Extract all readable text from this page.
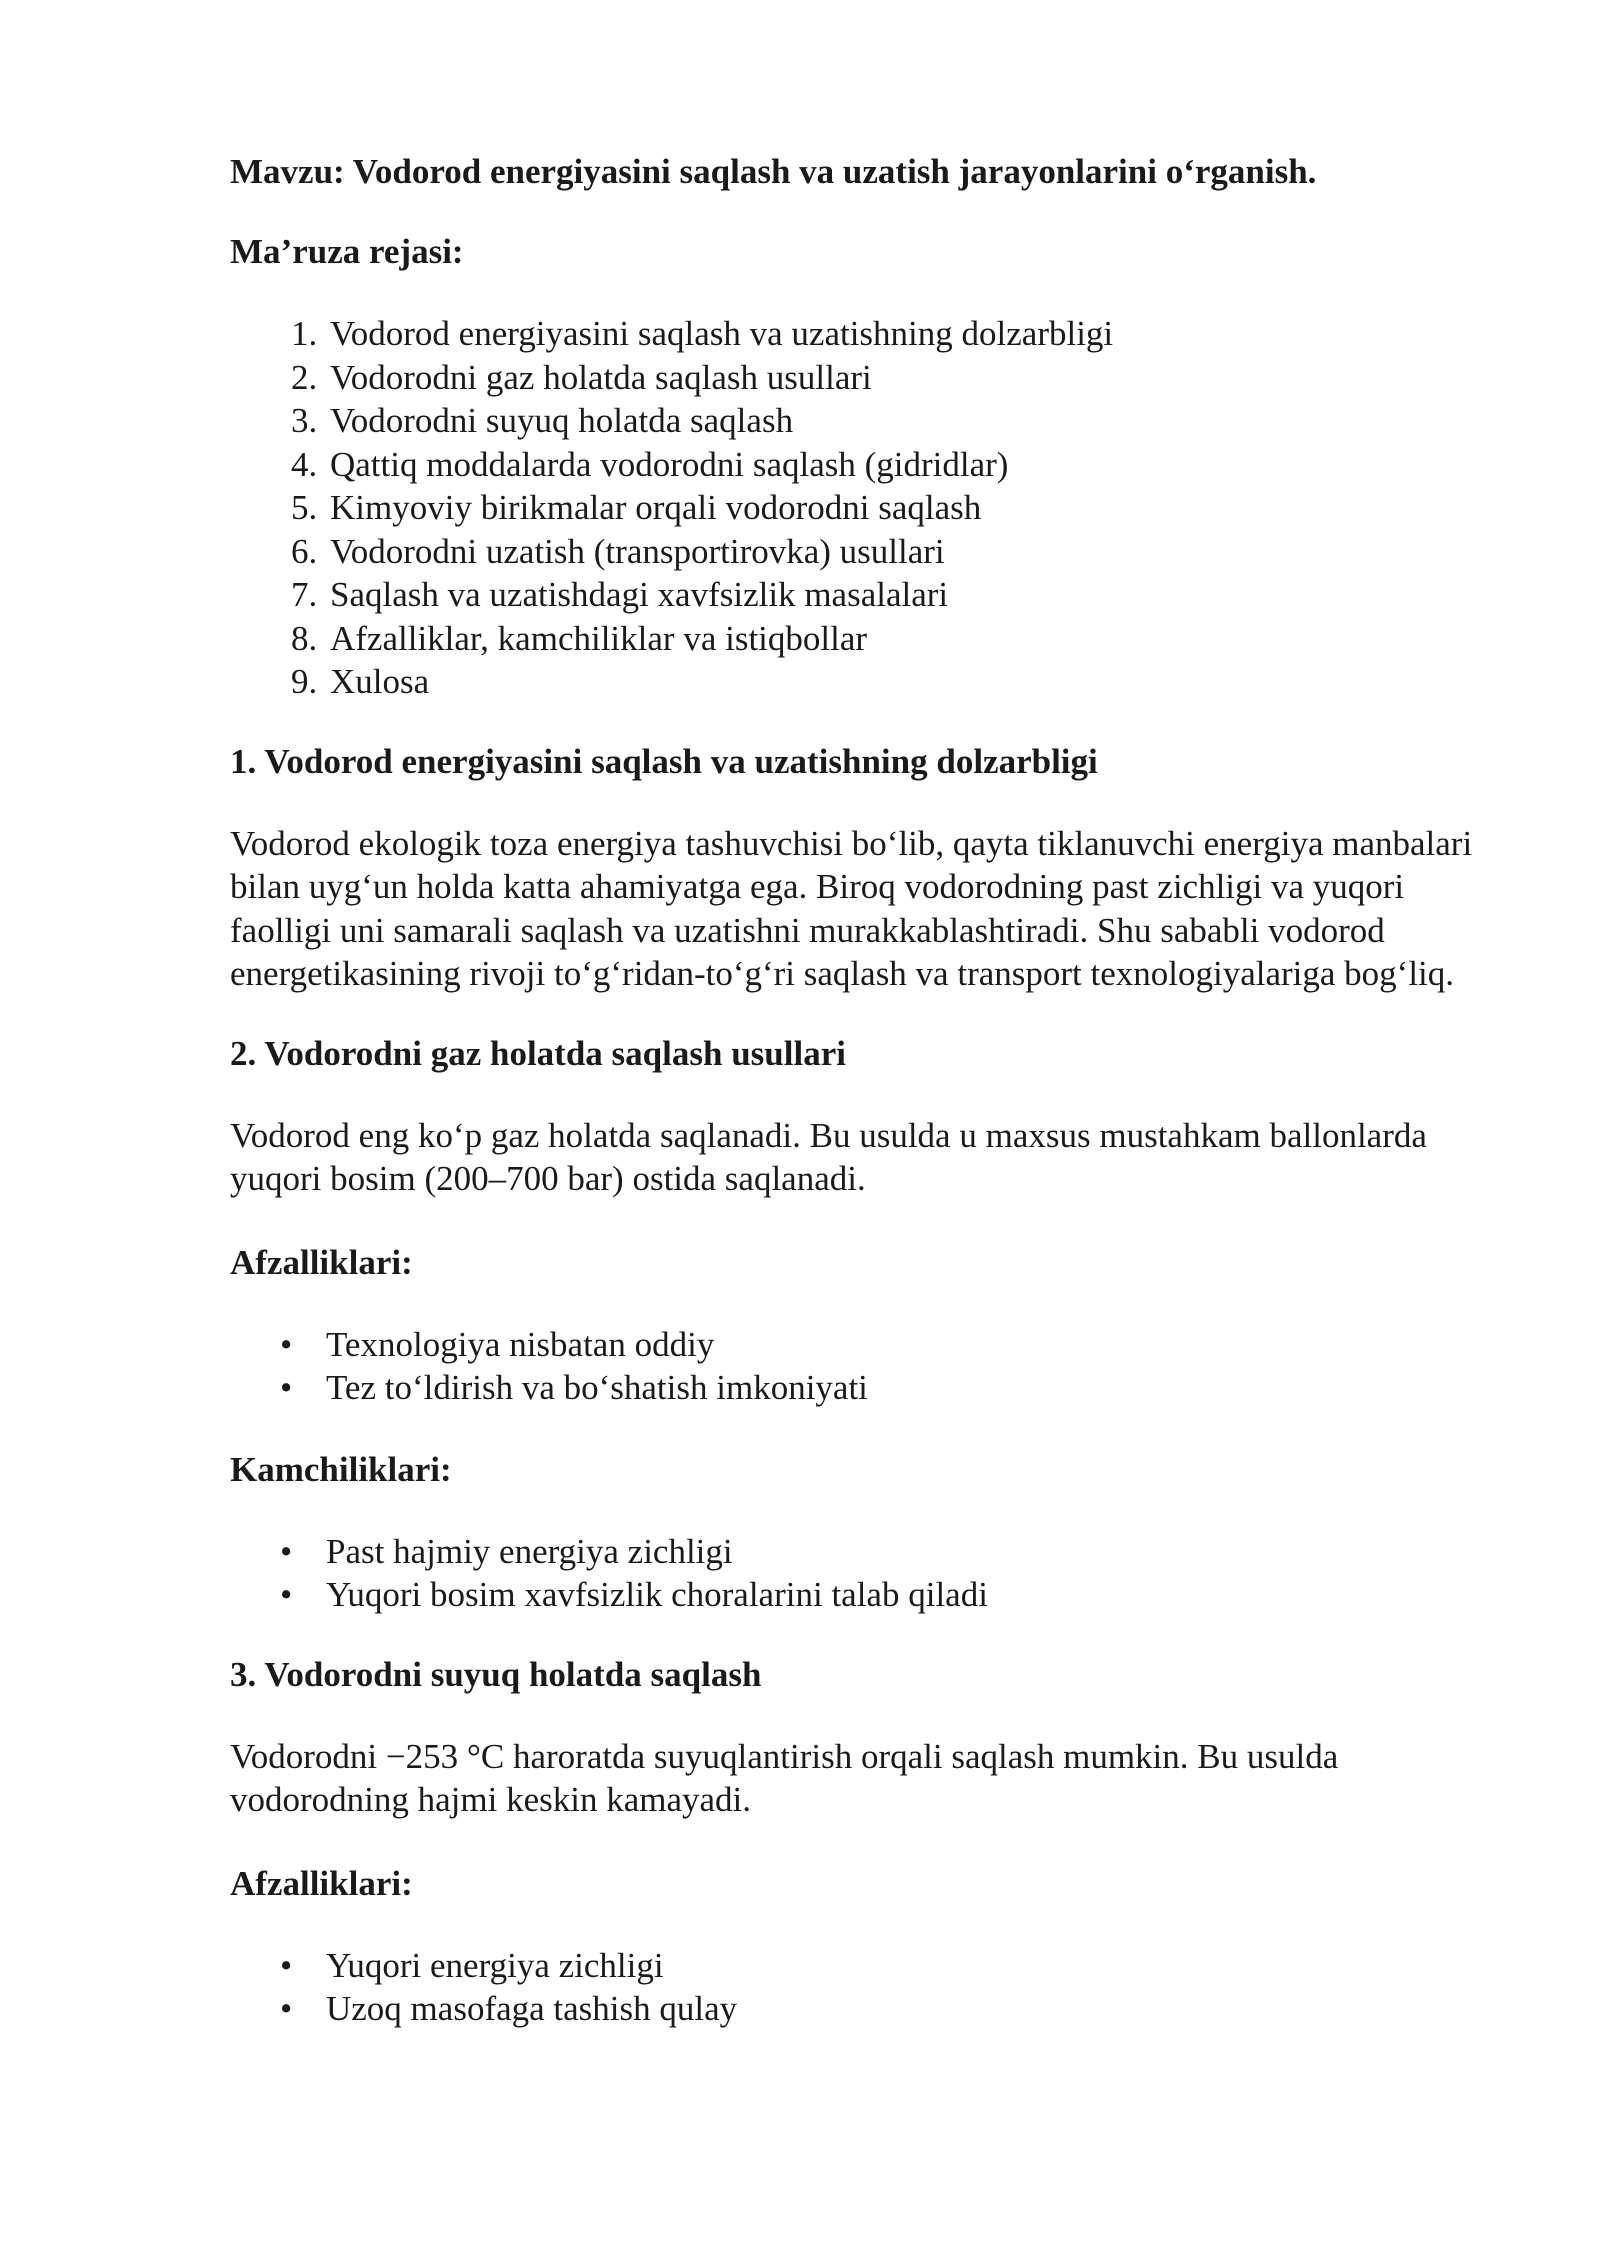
Mavzu: Vodorod energiyasini saqlash va uzatish jarayonlarini o‘rganish.

Ma’ruza rejasi:

1. Vodorod energiyasini saqlash va uzatishning dolzarbligi
2. Vodorodni gaz holatda saqlash usullari
3. Vodorodni suyuq holatda saqlash
4. Qattiq moddalarda vodorodni saqlash (gidridlar)
5. Kimyoviy birikmalar orqali vodorodni saqlash
6. Vodorodni uzatish (transportirovka) usullari
7. Saqlash va uzatishdagi xavfsizlik masalalari
8. Afzalliklar, kamchiliklar va istiqbollar
9. Xulosa

1. Vodorod energiyasini saqlash va uzatishning dolzarbligi

Vodorod ekologik toza energiya tashuvchisi bo‘lib, qayta tiklanuvchi energiya manbalari bilan uyg‘un holda katta ahamiyatga ega. Biroq vodorodning past zichligi va yuqori faolligi uni samarali saqlash va uzatishni murakkablashtiradi. Shu sababli vodorod energetikasining rivoji to‘g‘ridan-to‘g‘ri saqlash va transport texnologiyalariga bog‘liq.

2. Vodorodni gaz holatda saqlash usullari

Vodorod eng ko‘p gaz holatda saqlanadi. Bu usulda u maxsus mustahkam ballonlarda yuqori bosim (200–700 bar) ostida saqlanadi.

Afzalliklari:

• Texnologiya nisbatan oddiy
• Tez to‘ldirish va bo‘shatish imkoniyati

Kamchiliklari:

• Past hajmiy energiya zichligi
• Yuqori bosim xavfsizlik choralarini talab qiladi

3. Vodorodni suyuq holatda saqlash

Vodorodni −253 °C haroratda suyuqlantirish orqali saqlash mumkin. Bu usulda vodorodning hajmi keskin kamayadi.

Afzalliklari:

• Yuqori energiya zichligi
• Uzoq masofaga tashish qulay
